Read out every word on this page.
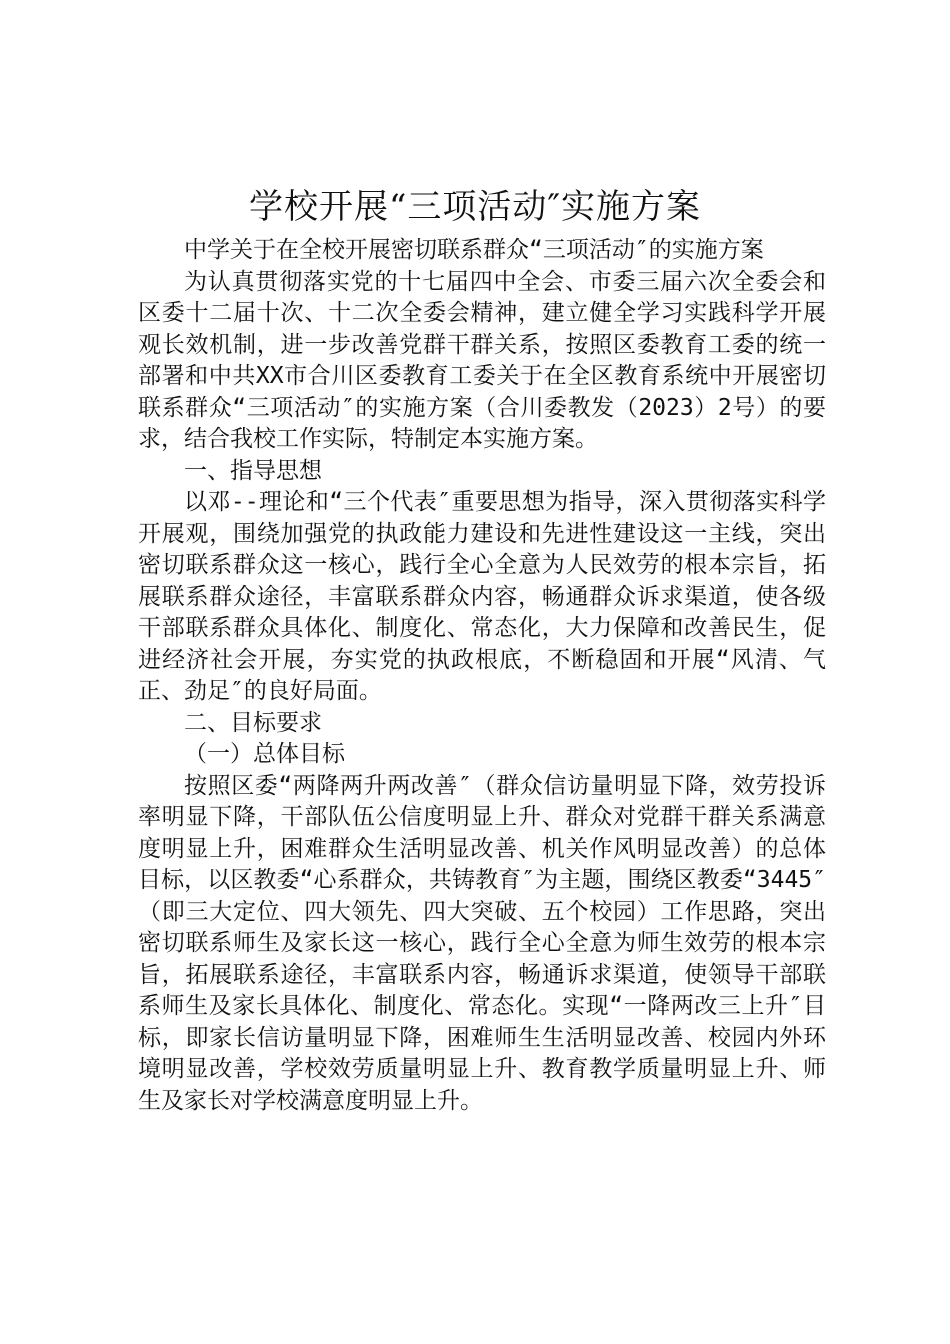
学校开展“三项活动″实施方案

中学关于在全校开展密切联系群众“三项活动″的实施方案

为认真贯彻落实党的十七届四中全会、市委三届六次全委会和区委十二届十次、十二次全委会精神，建立健全学习实践科学开展观长效机制，进一步改善党群干群关系，按照区委教育工委的统一部署和中共XX市合川区委教育工委关于在全区教育系统中开展密切联系群众“三项活动″的实施方案（合川委教发（2023）2号）的要求，结合我校工作实际，特制定本实施方案。

一、指导思想

以邓--理论和“三个代表″重要思想为指导，深入贯彻落实科学开展观，围绕加强党的执政能力建设和先进性建设这一主线，突出密切联系群众这一核心，践行全心全意为人民效劳的根本宗旨，拓展联系群众途径，丰富联系群众内容，畅通群众诉求渠道，使各级干部联系群众具体化、制度化、常态化，大力保障和改善民生，促进经济社会开展，夯实党的执政根底，不断稳固和开展“风清、气正、劲足″的良好局面。

二、目标要求

（一）总体目标

按照区委“两降两升两改善″（群众信访量明显下降，效劳投诉率明显下降，干部队伍公信度明显上升、群众对党群干群关系满意度明显上升，困难群众生活明显改善、机关作风明显改善）的总体目标，以区教委“心系群众，共铸教育″为主题，围绕区教委“3445″（即三大定位、四大领先、四大突破、五个校园）工作思路，突出密切联系师生及家长这一核心，践行全心全意为师生效劳的根本宗旨，拓展联系途径，丰富联系内容，畅通诉求渠道，使领导干部联系师生及家长具体化、制度化、常态化。实现“一降两改三上升″目标，即家长信访量明显下降，困难师生生活明显改善、校园内外环境明显改善，学校效劳质量明显上升、教育教学质量明显上升、师生及家长对学校满意度明显上升。
